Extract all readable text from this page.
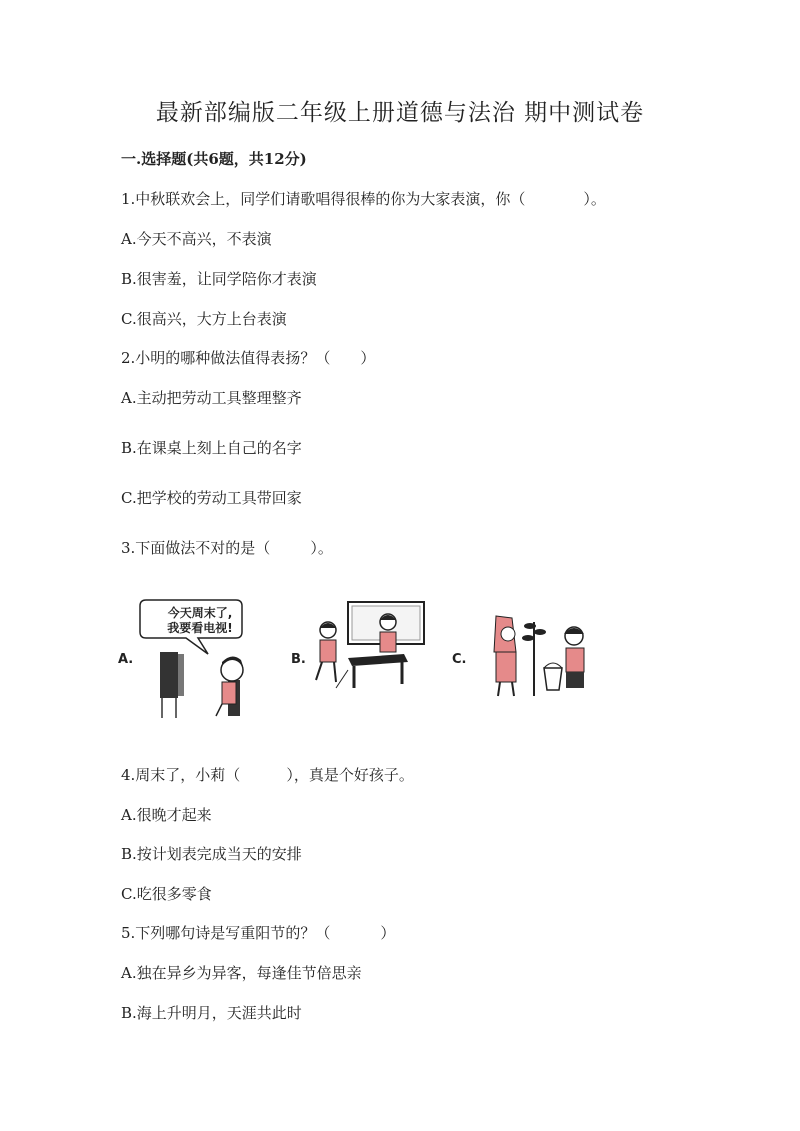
最新部编版二年级上册道德与法治 期中测试卷
一.选择题(共6题，共12分)

1.中秋联欢会上，同学们请歌唱得很棒的你为大家表演，你（	）。

A.今天不高兴，不表演

B.很害羞，让同学陪你才表演

C.很高兴，大方上台表演

2.小明的哪种做法值得表扬？（ ）

A.主动把劳动工具整理整齐

B.在课桌上刻上自己的名字

C.把学校的劳动工具带回家

3.下面做法不对的是（	）。

A.
今天周末了,
我要看电视!
B.	C.

4.周末了，小莉（	），真是个好孩子。

A.很晚才起来

B.按计划表完成当天的安排

C.吃很多零食

5.下列哪句诗是写重阳节的？（	）

A.独在异乡为异客，每逢佳节倍思亲

B.海上升明月，天涯共此时
